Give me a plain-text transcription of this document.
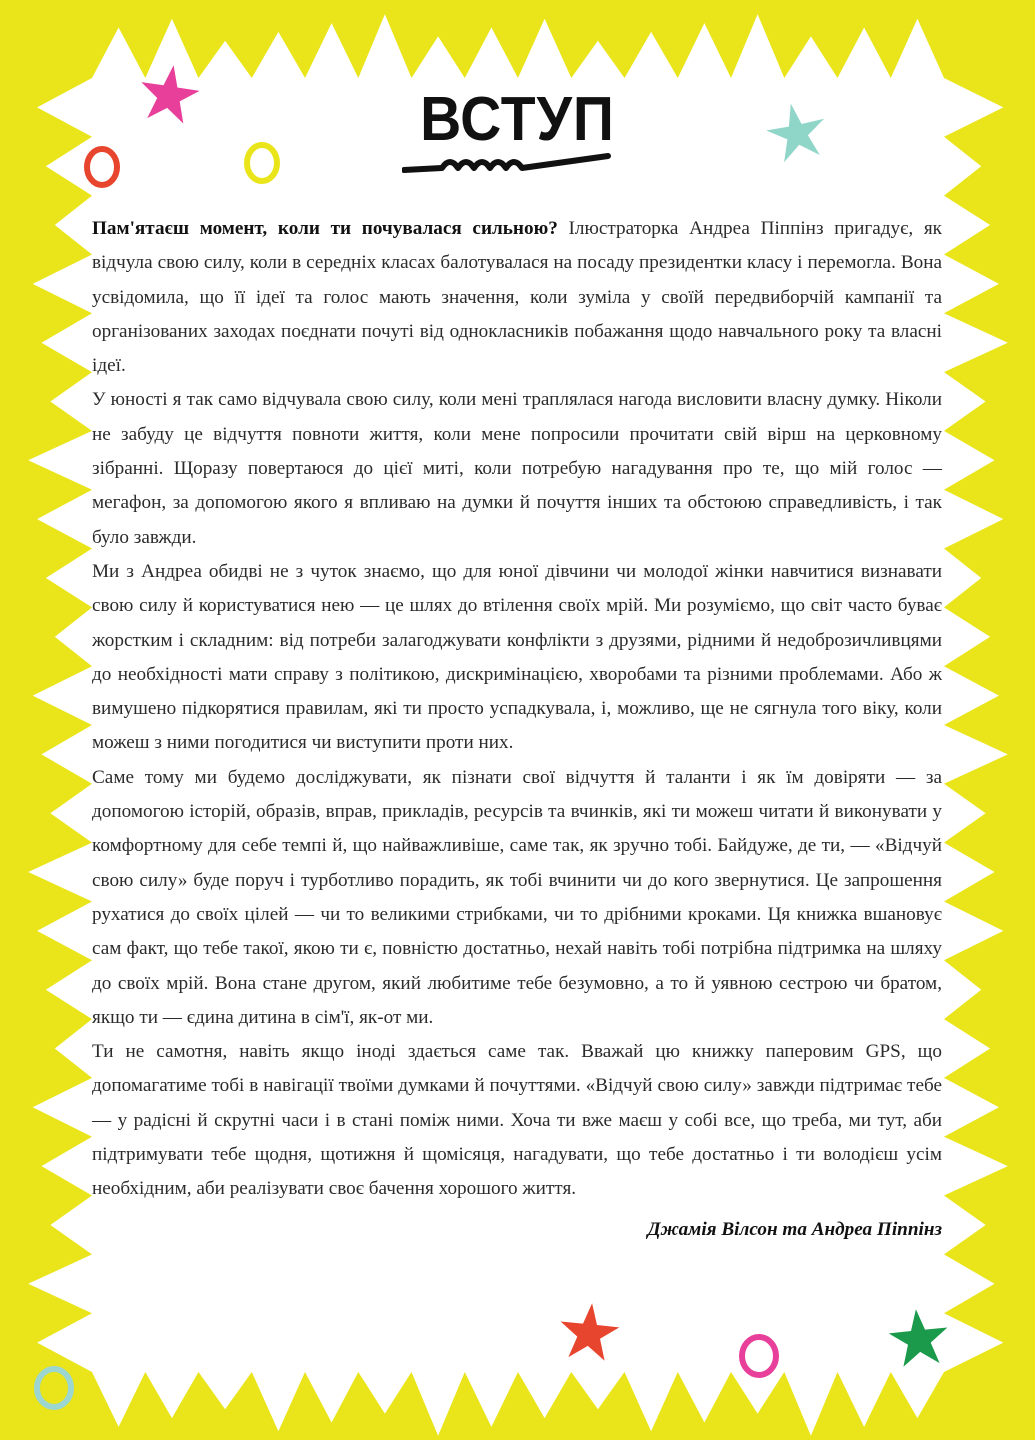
ВСТУП

Пам'ятаєш момент, коли ти почувалася сильною? Ілюстраторка Андреа Піппінз пригадує, як відчула свою силу, коли в середніх класах балотувалася на посаду президентки класу і перемогла. Вона усвідомила, що її ідеї та голос мають значення, коли зуміла у своїй передвиборчій кампанії та організованих заходах поєднати почуті від однокласників побажання щодо навчального року та власні ідеї.

У юності я так само відчувала свою силу, коли мені траплялася нагода висловити власну думку. Ніколи не забуду це відчуття повноти життя, коли мене попросили прочитати свій вірш на церковному зібранні. Щоразу повертаюся до цієї миті, коли потребую нагадування про те, що мій голос — мегафон, за допомогою якого я впливаю на думки й почуття інших та обстоюю справедливість, і так було завжди.

Ми з Андреа обидві не з чуток знаємо, що для юної дівчини чи молодої жінки навчитися визнавати свою силу й користуватися нею — це шлях до втілення своїх мрій. Ми розуміємо, що світ часто буває жорстким і складним: від потреби залагоджувати конфлікти з друзями, рідними й недоброзичливцями до необхідності мати справу з політикою, дискримінацією, хворобами та різними проблемами. Або ж вимушено підкорятися правилам, які ти просто успадкувала, і, можливо, ще не сягнула того віку, коли можеш з ними погодитися чи виступити проти них.

Саме тому ми будемо досліджувати, як пізнати свої відчуття й таланти і як їм довіряти — за допомогою історій, образів, вправ, прикладів, ресурсів та вчинків, які ти можеш читати й виконувати у комфортному для себе темпі й, що найважливіше, саме так, як зручно тобі. Байдуже, де ти, — «Відчуй свою силу» буде поруч і турботливо порадить, як тобі вчинити чи до кого звернутися. Це запрошення рухатися до своїх цілей — чи то великими стрибками, чи то дрібними кроками. Ця книжка вшановує сам факт, що тебе такої, якою ти є, повністю достатньо, нехай навіть тобі потрібна підтримка на шляху до своїх мрій. Вона стане другом, який любитиме тебе безумовно, а то й уявною сестрою чи братом, якщо ти — єдина дитина в сім'ї, як-от ми.

Ти не самотня, навіть якщо іноді здається саме так. Вважай цю книжку паперовим GPS, що допомагатиме тобі в навігації твоїми думками й почуттями. «Відчуй свою силу» завжди підтримає тебе — у радісні й скрутні часи і в стані поміж ними. Хоча ти вже маєш у собі все, що треба, ми тут, аби підтримувати тебе щодня, щотижня й щомісяця, нагадувати, що тебе достатньо і ти володієш усім необхідним, аби реалізувати своє бачення хорошого життя.

Джамія Вілсон та Андреа Піппінз
